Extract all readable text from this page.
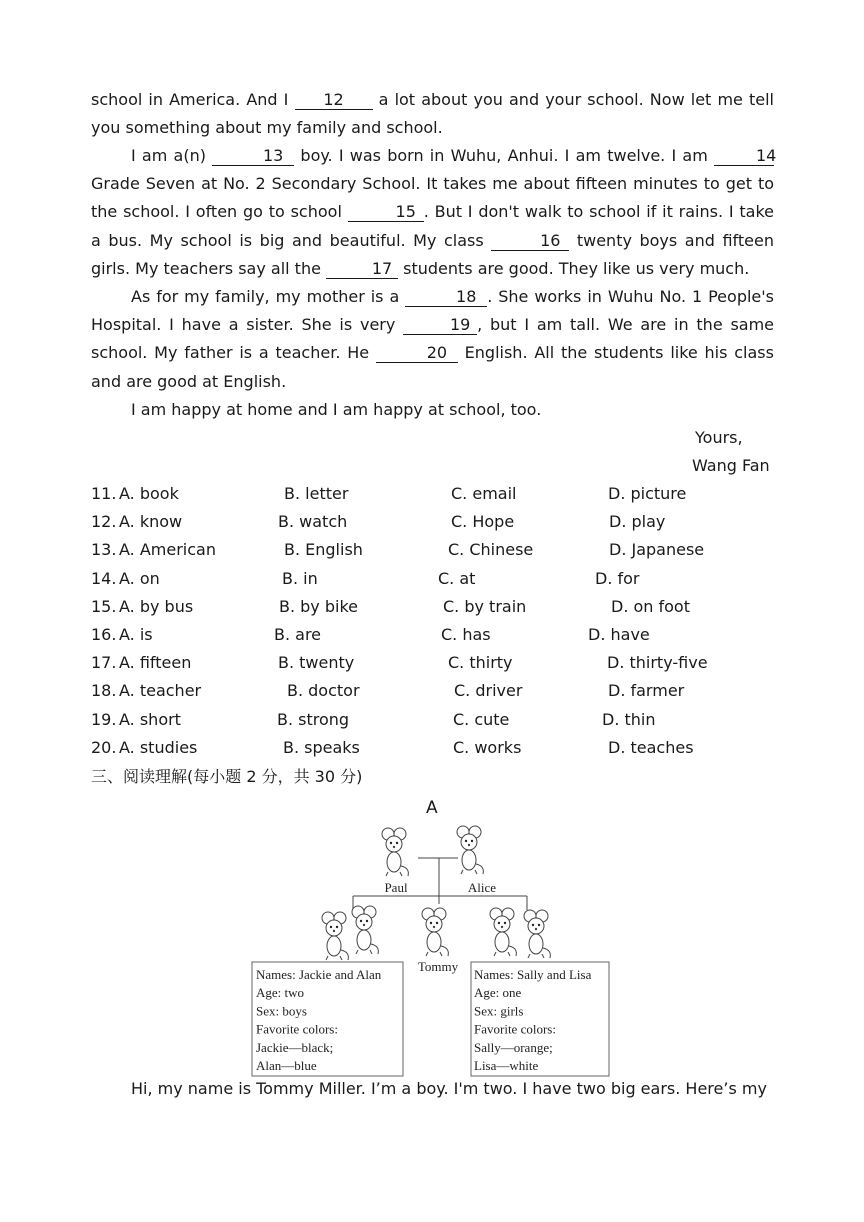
school in America. And I 12 a lot about you and your school. Now let me tell you something about my family and school.

I am a(n)	13 boy. I was born in Wuhu, Anhui. I am twelve. I am	14 Grade Seven at No. 2 Secondary School. It takes me about fifteen minutes to get to the school. I often go to school	15 . But I don't walk to school if it rains. I take a bus. My school is big and beautiful. My class	16 twenty boys and fifteen girls. My teachers say all the	17 students are good. They like us very much.

As for my family, my mother is a	18 . She works in Wuhu No. 1 People's Hospital. I have a sister. She is very	19 , but I am tall. We are in the same school. My father is a teacher. He	20 English. All the students like his class and are good at English.

I am happy at home and I am happy at school, too.
Yours,
Wang Fan
11. A. book	B. letter	C. email	D. picture
12. A. know	B. watch	C. Hope	D. play
13. A. American	B. English	C. Chinese	D. Japanese
14. A. on	B. in	C. at	D. for
15. A. by bus	B. by bike	C. by train	D. on foot
16. A. is	B. are	C. has	D. have
17. A. fifteen	B. twenty	C. thirty	D. thirty-five
18. A. teacher	B. doctor	C. driver	D. farmer
19. A. short	B. strong	C. cute	D. thin
20. A. studies	B. speaks	C. works	D. teaches
三、阅读理解(每小题 2 分，共 30 分)
A
Paul	Alice
Tommy
Names: Jackie and Alan
Age: two
Sex: boys
Favorite colors:
Jackie—black;
Alan—blue
Names: Sally and Lisa
Age: one
Sex: girls
Favorite colors:
Sally—orange;
Lisa—white
Hi, my name is Tommy Miller. I’m a boy. I'm two. I have two big ears. Here’s my
